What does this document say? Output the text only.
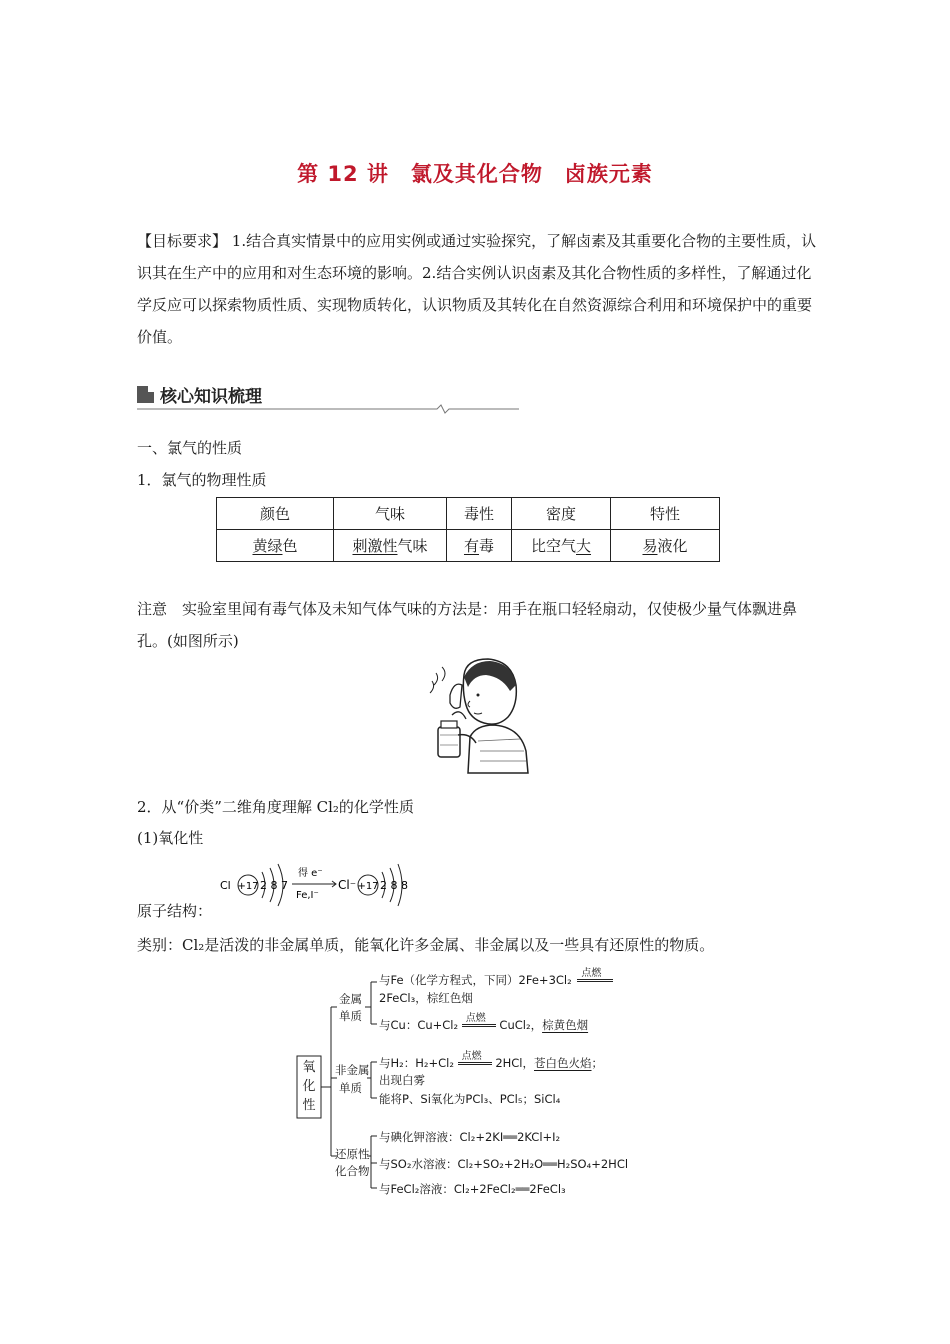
第 12 讲　氯及其化合物　卤族元素
【目标要求】 1.结合真实情景中的应用实例或通过实验探究，了解卤素及其重要化合物的主要性质，认识其在生产中的应用和对生态环境的影响。2.结合实例认识卤素及其化合物性质的多样性，了解通过化学反应可以探索物质性质、实现物质转化，认识物质及其转化在自然资源综合利用和环境保护中的重要价值。
核心知识梳理
一、氯气的性质
1．氯气的物理性质
颜色	气味	毒性	密度	特性
黄绿色	刺激性气味	有毒	比空气大	易液化
注意　实验室里闻有毒气体及未知气体气味的方法是：用手在瓶口轻轻扇动，仅使极少量气体飘进鼻孔。(如图所示)
2．从“价类”二维角度理解 Cl₂的化学性质
(1)氧化性
Cl +17 2 8 7
得 e⁻
Fe,I⁻
Cl⁻ +17 2 8 8
原子结构：
类别：Cl₂是活泼的非金属单质，能氧化许多金属、非金属以及一些具有还原性的物质。
氧化性
金属
单质
与Fe（化学方程式，下同）2Fe+3Cl₂ 点燃
2FeCl₃，棕红色烟
与Cu：Cu+Cl₂ 点燃 CuCl₂，棕黄色烟
非金属
单质
与H₂：H₂+Cl₂ 点燃 2HCl，苍白色火焰；
出现白雾
能将P、Si氧化为PCl₃、PCl₅；SiCl₄
还原性
化合物
与碘化钾溶液：Cl₂+2KI══2KCl+I₂
与SO₂水溶液：Cl₂+SO₂+2H₂O══H₂SO₄+2HCl
与FeCl₂溶液：Cl₂+2FeCl₂══2FeCl₃
